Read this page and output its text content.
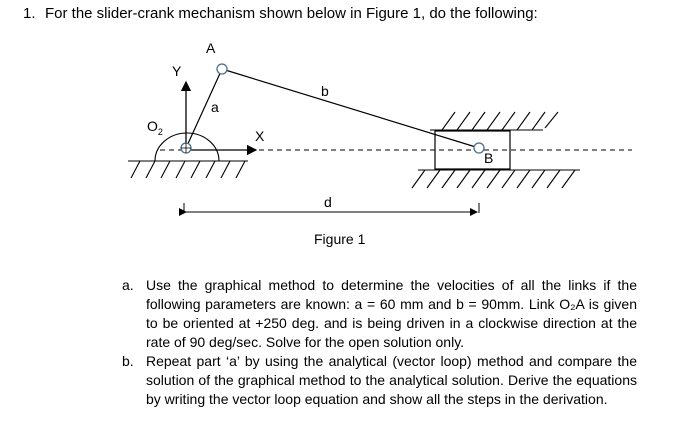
1. For the slider-crank mechanism shown below in Figure 1, do the following:
A
Y
a
b
X
$O_2$
B
d
Figure 1

a. Use the graphical method to determine the velocities of all the links if the following parameters are known: a = 60 mm and b = 90mm. Link O₂A is given to be oriented at +250 deg. and is being driven in a clockwise direction at the rate of 90 deg/sec. Solve for the open solution only.

b. Repeat part ‘a’ by using the analytical (vector loop) method and compare the solution of the graphical method to the analytical solution. Derive the equations by writing the vector loop equation and show all the steps in the derivation.
